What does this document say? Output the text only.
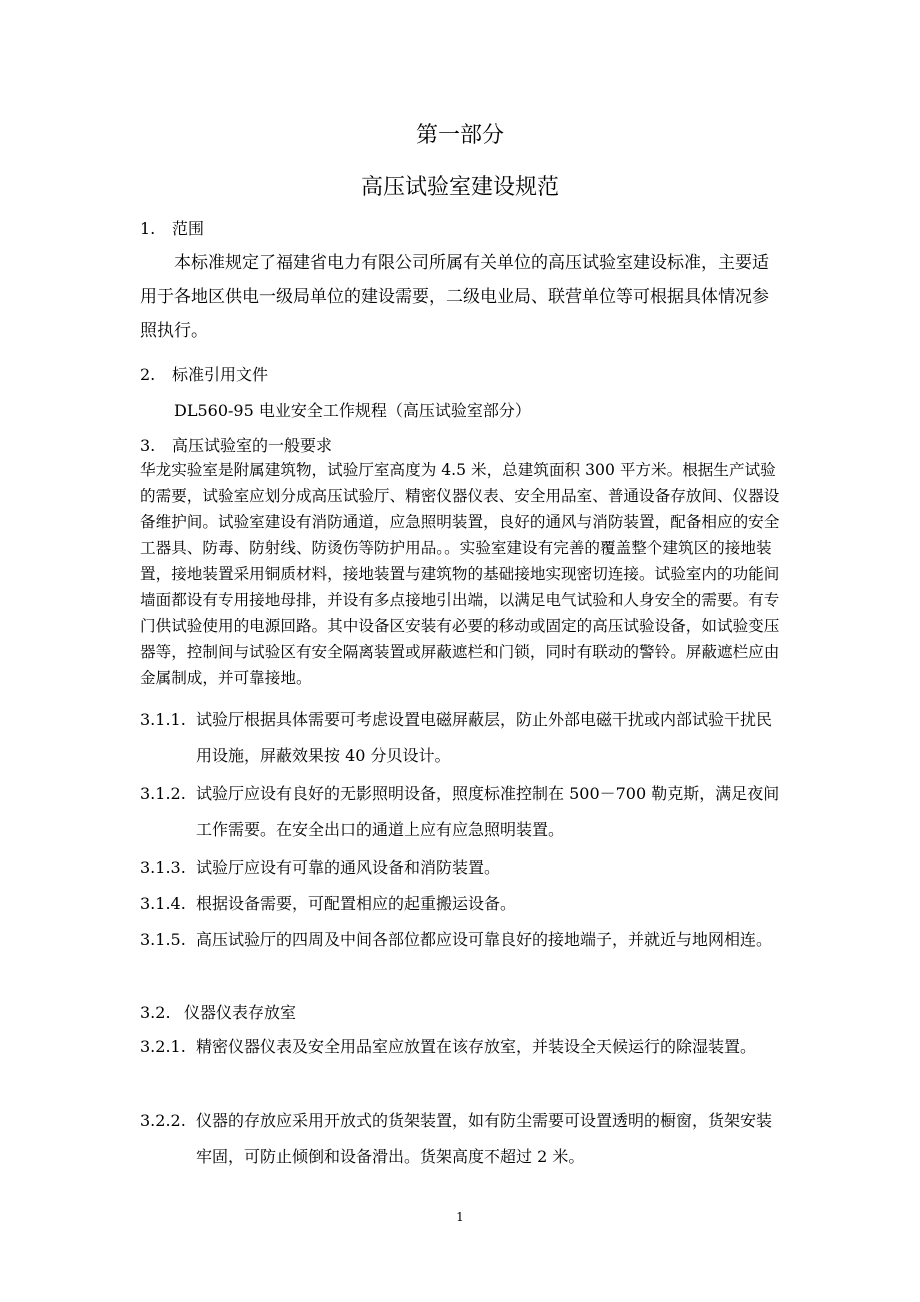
第一部分
高压试验室建设规范
1. 范围
本标准规定了福建省电力有限公司所属有关单位的高压试验室建设标准，主要适用于各地区供电一级局单位的建设需要，二级电业局、联营单位等可根据具体情况参照执行。
2. 标准引用文件
DL560-95 电业安全工作规程（高压试验室部分）
3. 高压试验室的一般要求
华龙实验室是附属建筑物，试验厅室高度为 4.5 米，总建筑面积 300 平方米。根据生产试验的需要，试验室应划分成高压试验厅、精密仪器仪表、安全用品室、普通设备存放间、仪器设备维护间。试验室建设有消防通道，应急照明装置，良好的通风与消防装置，配备相应的安全工器具、防毒、防射线、防烫伤等防护用品。。实验室建设有完善的覆盖整个建筑区的接地装置，接地装置采用铜质材料，接地装置与建筑物的基础接地实现密切连接。试验室内的功能间墙面都设有专用接地母排，并设有多点接地引出端，以满足电气试验和人身安全的需要。有专门供试验使用的电源回路。其中设备区安装有必要的移动或固定的高压试验设备，如试验变压器等，控制间与试验区有安全隔离装置或屏蔽遮栏和门锁，同时有联动的警铃。屏蔽遮栏应由金属制成，并可靠接地。
3.1.1. 试验厅根据具体需要可考虑设置电磁屏蔽层，防止外部电磁干扰或内部试验干扰民用设施，屏蔽效果按 40 分贝设计。
3.1.2. 试验厅应设有良好的无影照明设备，照度标准控制在 500－700 勒克斯，满足夜间工作需要。在安全出口的通道上应有应急照明装置。
3.1.3. 试验厅应设有可靠的通风设备和消防装置。
3.1.4. 根据设备需要，可配置相应的起重搬运设备。
3.1.5. 高压试验厅的四周及中间各部位都应设可靠良好的接地端子，并就近与地网相连。
3.2. 仪器仪表存放室
3.2.1. 精密仪器仪表及安全用品室应放置在该存放室，并装设全天候运行的除湿装置。
3.2.2. 仪器的存放应采用开放式的货架装置，如有防尘需要可设置透明的橱窗，货架安装牢固，可防止倾倒和设备滑出。货架高度不超过 2 米。
1
